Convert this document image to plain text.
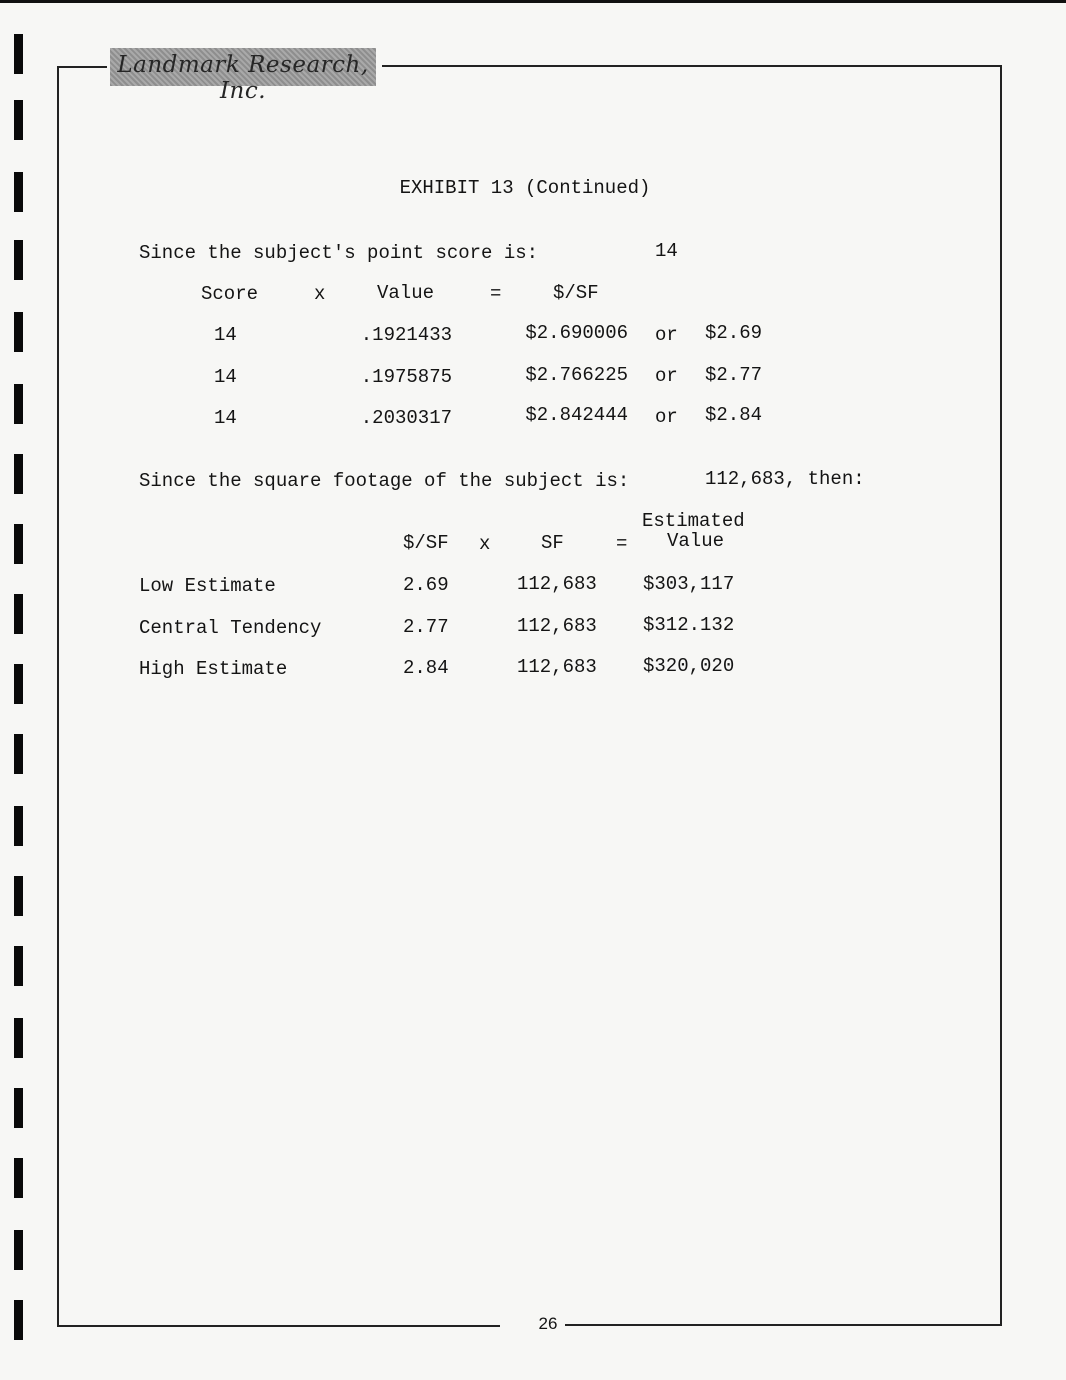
Landmark Research, Inc.
EXHIBIT 13 (Continued)
Since the subject's point score is:	14
Score	x	Value	=	$/SF
14	.1921433	$2.690006 or $2.69
14	.1975875	$2.766225 or $2.77
14	.2030317	$2.842444 or $2.84
Since the square footage of the subject is:	112,683, then:
Estimated
$/SF x	SF	= Value
Low Estimate	2.69	112,683 $303,117
Central Tendency	2.77	112,683 $312.132
High Estimate	2.84	112,683 $320,020
26
